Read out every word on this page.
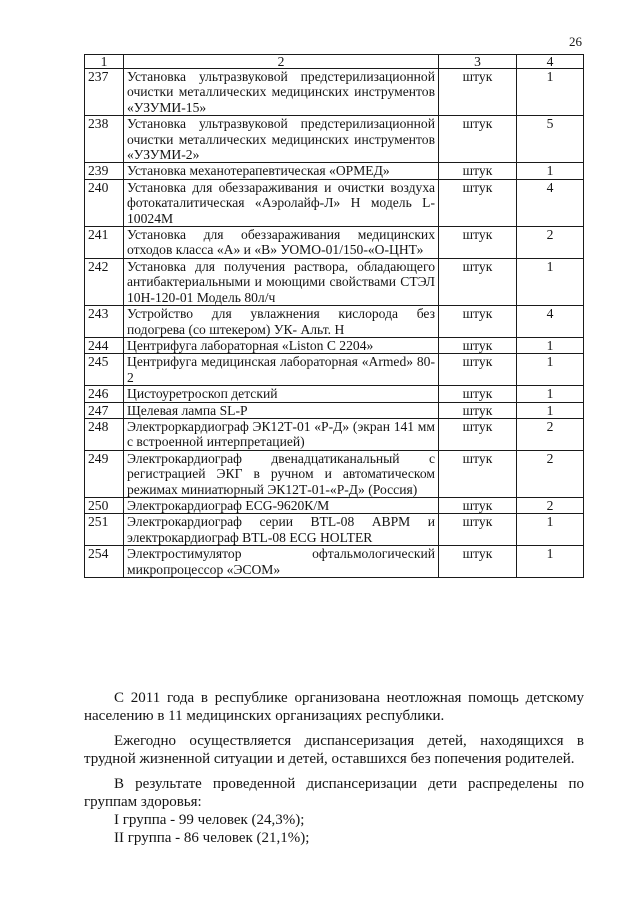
26
1	2	3	4
237	Установка ультразвуковой предстерилизационной очистки металлических медицинских инструментов «УЗУМИ-15»	штук	1
238	Установка ультразвуковой предстерилизационной очистки металлических медицинских инструментов «УЗУМИ-2»	штук	5
239	Установка механотерапевтическая «ОРМЕД»	штук	1
240	Установка для обеззараживания и очистки воздуха фотокаталитическая «Аэролайф-Л» Н модель L-10024М	штук	4
241	Установка для обеззараживания медицинских отходов класса «А» и «В» УОМО-01/150-«О-ЦНТ»	штук	2
242	Установка для получения раствора, обладающего антибактериальными и моющими свойствами СТЭЛ 10Н-120-01 Модель 80л/ч	штук	1
243	Устройство для увлажнения кислорода без подогрева (со штекером) УК- Альт. Н	штук	4
244	Центрифуга лабораторная «Liston C 2204»	штук	1
245	Центрифуга медицинская лабораторная «Armed» 80-2	штук	1
246	Цистоуретроскоп детский	штук	1
247	Щелевая лампа SL-P	штук	1
248	Электроркардиограф ЭК12Т-01 «Р-Д» (экран 141 мм с встроенной интерпретацией)	штук	2
249	Электрокардиограф двенадцатиканальный с регистрацией ЭКГ в ручном и автоматическом режимах миниатюрный ЭК12Т-01-«Р-Д» (Россия)	штук	2
250	Электрокардиограф ECG-9620К/М	штук	2
251	Электрокардиограф серии BTL-08 АВРМ и электрокардиограф BTL-08 ECG HOLTER	штук	1
254	Электростимулятор офтальмологический микропроцессор «ЭСОМ»	штук	1

С 2011 года в республике организована неотложная помощь детскому населению в 11 медицинских организациях республики.

Ежегодно осуществляется диспансеризация детей, находящихся в трудной жизненной ситуации и детей, оставшихся без попечения родителей.

В результате проведенной диспансеризации дети распределены по группам здоровья:

I группа - 99 человек (24,3%);

II группа - 86 человек (21,1%);
